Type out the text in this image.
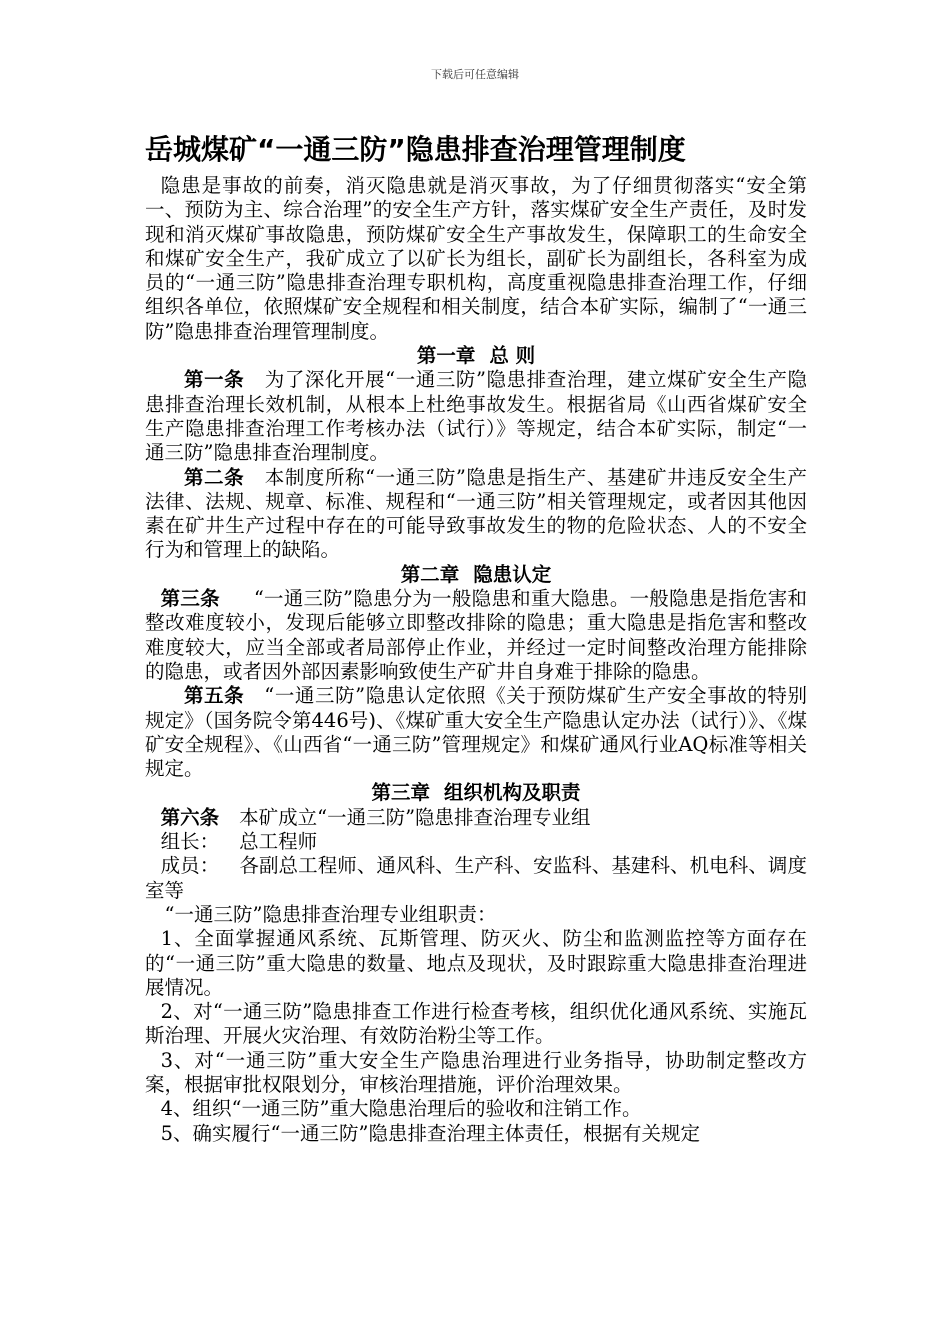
下载后可任意编辑
岳城煤矿“一通三防”隐患排查治理管理制度

隐患是事故的前奏，消灭隐患就是消灭事故，为了仔细贯彻落实“安全第一、预防为主、综合治理”的安全生产方针，落实煤矿安全生产责任，及时发现和消灭煤矿事故隐患，预防煤矿安全生产事故发生，保障职工的生命安全和煤矿安全生产，我矿成立了以矿长为组长，副矿长为副组长，各科室为成员的“一通三防”隐患排查治理专职机构，高度重视隐患排查治理工作，仔细组织各单位，依照煤矿安全规程和相关制度，结合本矿实际，编制了“一通三防”隐患排查治理管理制度。

第一章 总 则

第一条 为了深化开展“一通三防”隐患排查治理，建立煤矿安全生产隐患排查治理长效机制，从根本上杜绝事故发生。根据省局《山西省煤矿安全生产隐患排查治理工作考核办法（试行）》等规定，结合本矿实际，制定“一通三防”隐患排查治理制度。

第二条 本制度所称“一通三防”隐患是指生产、基建矿井违反安全生产法律、法规、规章、标准、规程和“一通三防”相关管理规定，或者因其他因素在矿井生产过程中存在的可能导致事故发生的物的危险状态、人的不安全行为和管理上的缺陷。

第二章 隐患认定

第三条 “一通三防”隐患分为一般隐患和重大隐患。一般隐患是指危害和整改难度较小，发现后能够立即整改排除的隐患；重大隐患是指危害和整改难度较大，应当全部或者局部停止作业，并经过一定时间整改治理方能排除的隐患，或者因外部因素影响致使生产矿井自身难于排除的隐患。

第五条 “一通三防”隐患认定依照《关于预防煤矿生产安全事故的特别规定》（国务院令第446号)、《煤矿重大安全生产隐患认定办法（试行）》、《煤矿安全规程》、《山西省“一通三防”管理规定》和煤矿通风行业AQ标准等相关规定。

第三章 组织机构及职责

第六条 本矿成立“一通三防”隐患排查治理专业组

组长： 总工程师

成员： 各副总工程师、通风科、生产科、安监科、基建科、机电科、调度室等

“一通三防”隐患排查治理专业组职责：

1、全面掌握通风系统、瓦斯管理、防灭火、防尘和监测监控等方面存在的“一通三防”重大隐患的数量、地点及现状，及时跟踪重大隐患排查治理进展情况。

2、对“一通三防”隐患排查工作进行检查考核，组织优化通风系统、实施瓦斯治理、开展火灾治理、有效防治粉尘等工作。

3、对“一通三防”重大安全生产隐患治理进行业务指导，协助制定整改方案，根据审批权限划分，审核治理措施，评价治理效果。

4、组织“一通三防”重大隐患治理后的验收和注销工作。

5、确实履行“一通三防”隐患排查治理主体责任，根据有关规定
